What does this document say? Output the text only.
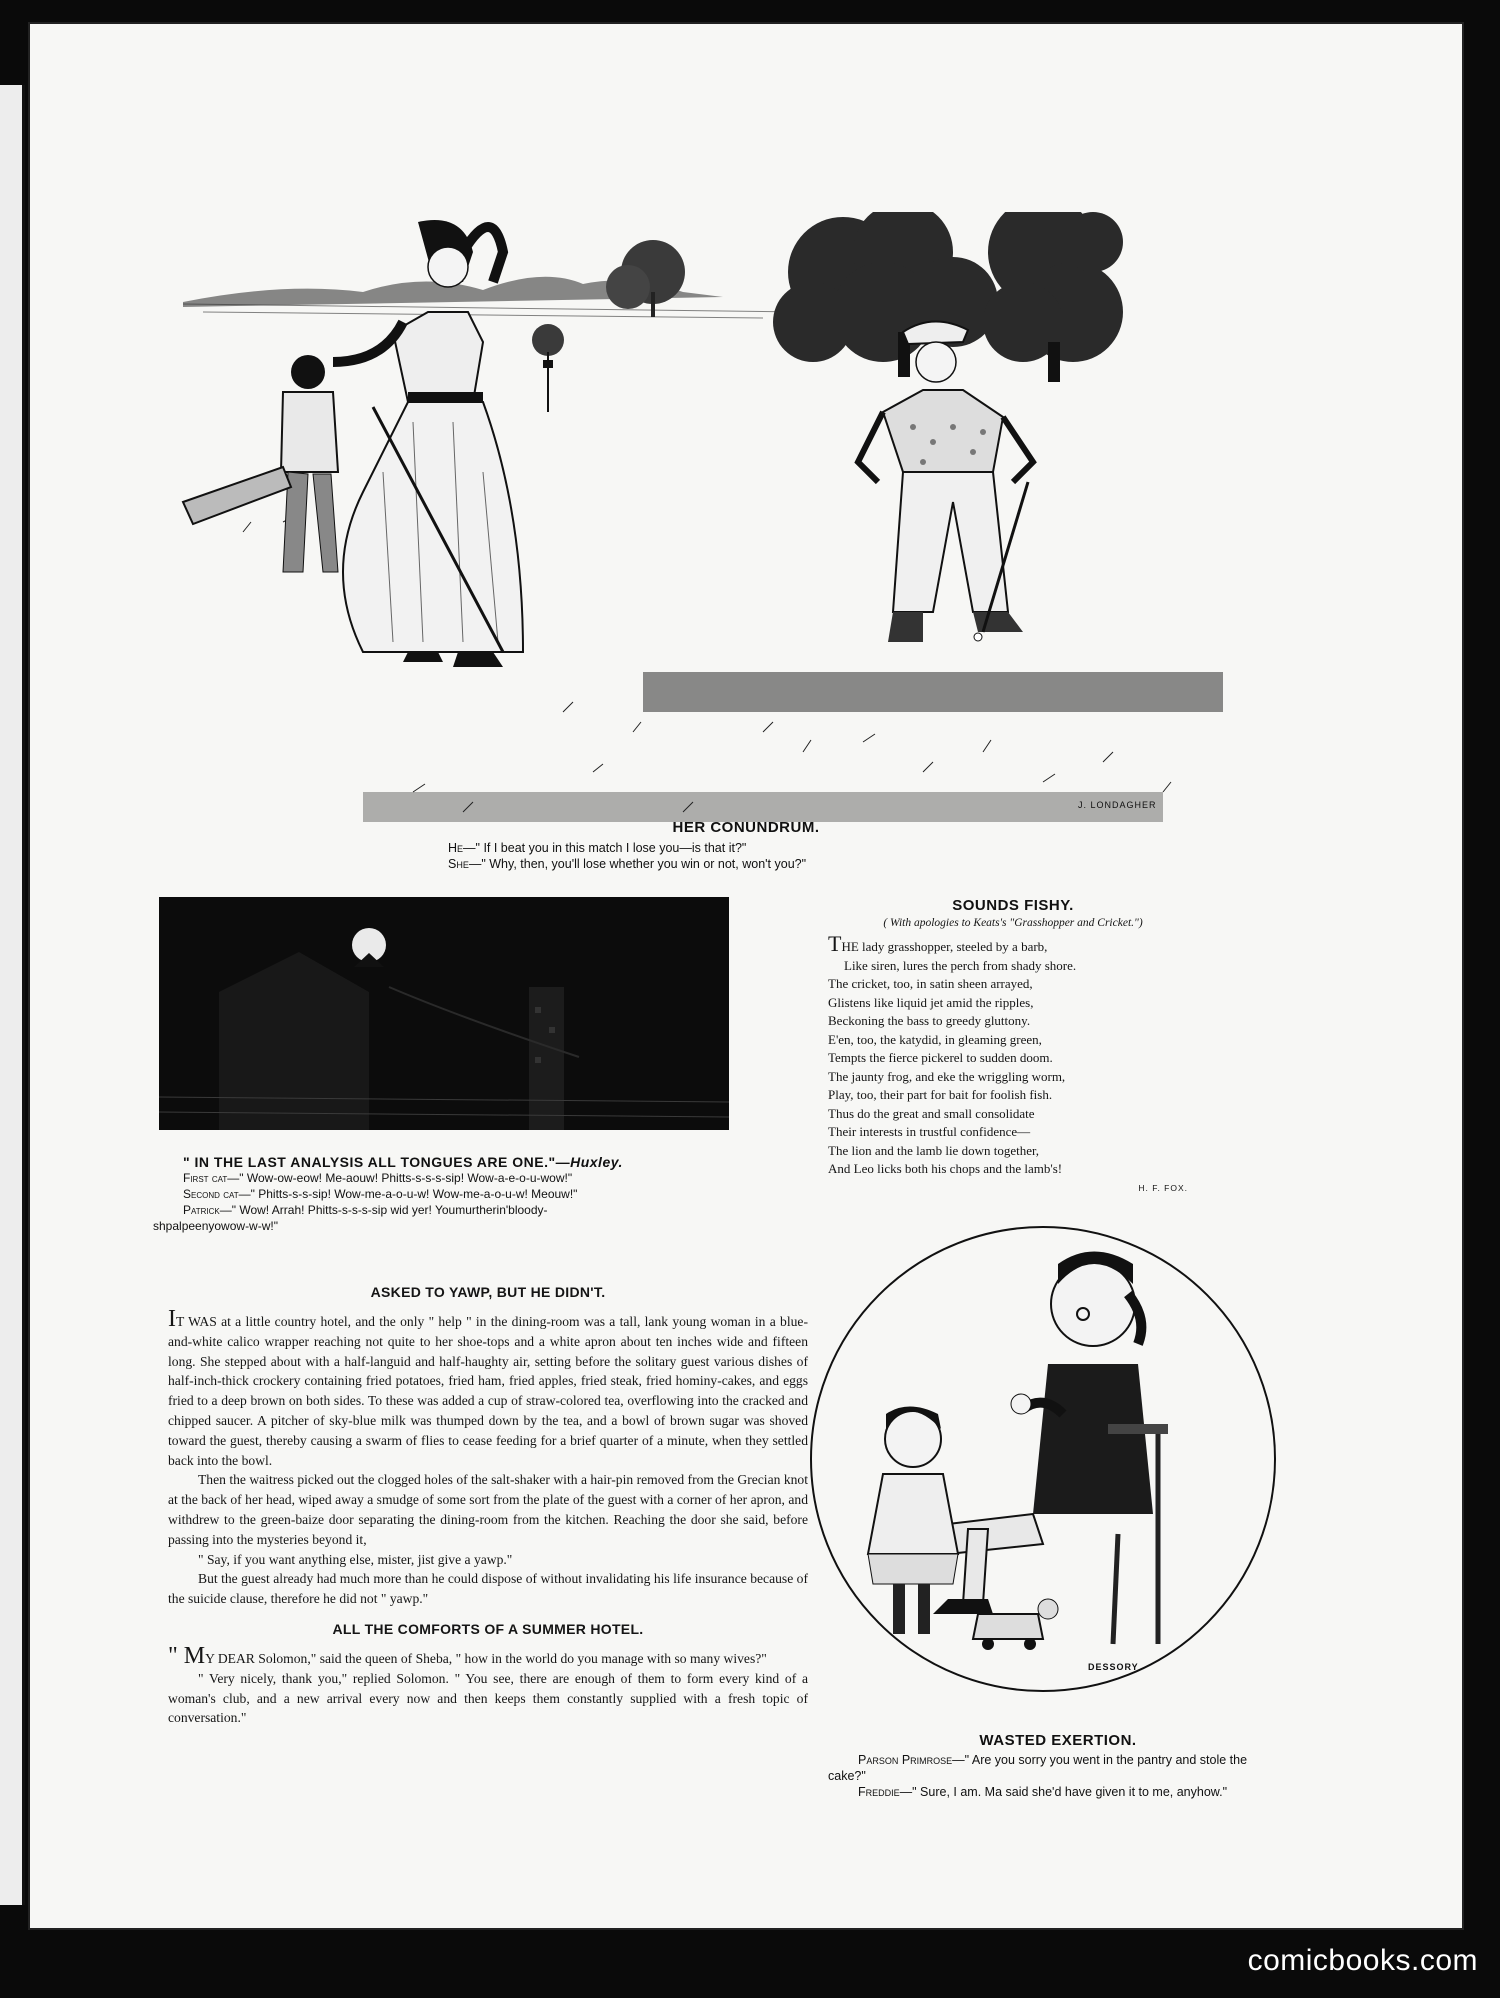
J. LONDAGHER
HER CONUNDRUM.

He—" If I beat you in this match I lose you—is that it?"

She—" Why, then, you'll lose whether you win or not, won't you?"

" IN THE LAST ANALYSIS ALL TONGUES ARE ONE."—Huxley.

First cat—" Wow-ow-eow! Me-aouw! Phitts-s-s-s-sip! Wow-a-e-o-u-wow!"

Second cat—" Phitts-s-s-sip! Wow-me-a-o-u-w! Wow-me-a-o-u-w! Meouw!"

Patrick—" Wow! Arrah! Phitts-s-s-s-sip wid yer! Youmurtherin'bloody-

shpalpeenyowow-w-w!"

SOUNDS FISHY.

( With apologies to Keats's "Grasshopper and Cricket.")

THE lady grasshopper, steeled by a barb,

Like siren, lures the perch from shady shore.

The cricket, too, in satin sheen arrayed,

Glistens like liquid jet amid the ripples,

Beckoning the bass to greedy gluttony.

E'en, too, the katydid, in gleaming green,

Tempts the fierce pickerel to sudden doom.

The jaunty frog, and eke the wriggling worm,

Play, too, their part for bait for foolish fish.

Thus do the great and small consolidate

Their interests in trustful confidence—

The lion and the lamb lie down together,

And Leo licks both his chops and the lamb's!

H. F. FOX.

ASKED TO YAWP, BUT HE DIDN'T.

IT WAS at a little country hotel, and the only " help " in the dining-room was a tall, lank young woman in a blue-and-white calico wrapper reaching not quite to her shoe-tops and a white apron about ten inches wide and fifteen long. She stepped about with a half-languid and half-haughty air, setting before the solitary guest various dishes of half-inch-thick crockery containing fried potatoes, fried ham, fried apples, fried steak, fried hominy-cakes, and eggs fried to a deep brown on both sides. To these was added a cup of straw-colored tea, overflowing into the cracked and chipped saucer. A pitcher of sky-blue milk was thumped down by the tea, and a bowl of brown sugar was shoved toward the guest, thereby causing a swarm of flies to cease feeding for a brief quarter of a minute, when they settled back into the bowl.

Then the waitress picked out the clogged holes of the salt-shaker with a hair-pin removed from the Grecian knot at the back of her head, wiped away a smudge of some sort from the plate of the guest with a corner of her apron, and withdrew to the green-baize door separating the dining-room from the kitchen. Reaching the door she said, before passing into the mysteries beyond it,

" Say, if you want anything else, mister, jist give a yawp."

But the guest already had much more than he could dispose of without invalidating his life insurance because of the suicide clause, therefore he did not " yawp."

ALL THE COMFORTS OF A SUMMER HOTEL.

" MY DEAR Solomon," said the queen of Sheba, " how in the world do you manage with so many wives?"

" Very nicely, thank you," replied Solomon. " You see, there are enough of them to form every kind of a woman's club, and a new arrival every now and then keeps them constantly supplied with a fresh topic of conversation."

DESSORY
WASTED EXERTION.

Parson Primrose—" Are you sorry you went in the pantry and stole the cake?"

Freddie—" Sure, I am. Ma said she'd have given it to me, anyhow."

comicbooks.com
